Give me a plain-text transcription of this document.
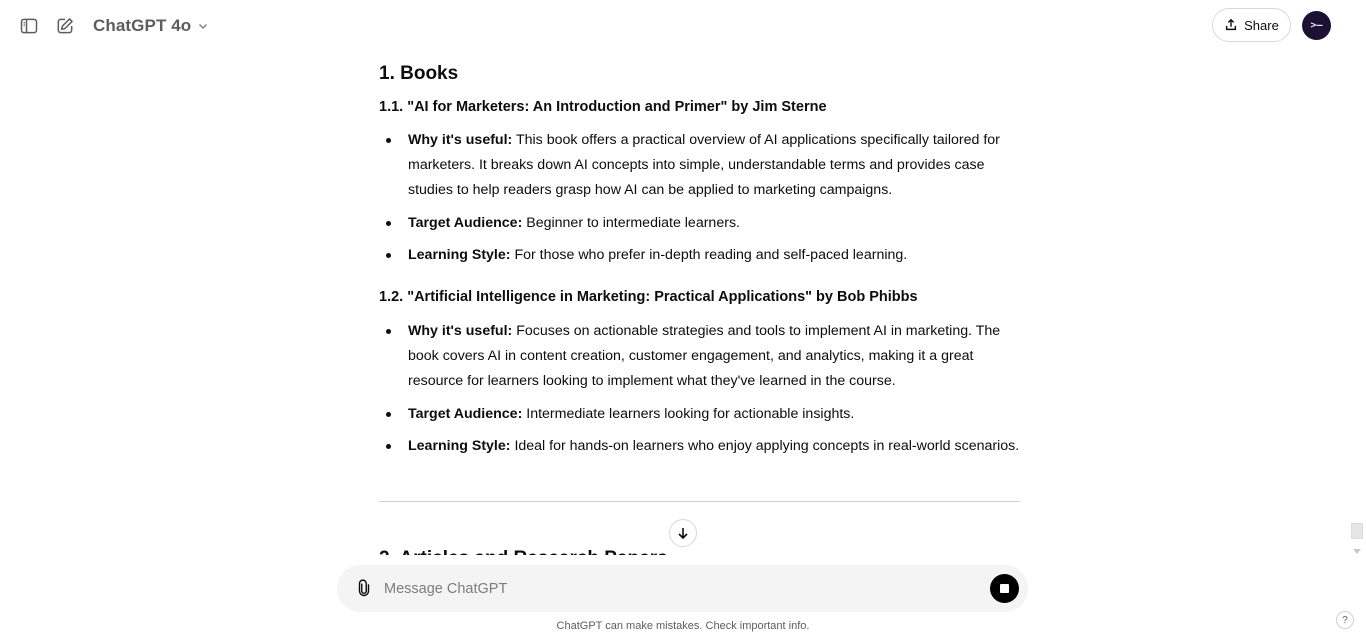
ChatGPT 4o	Share	>–
1. Books
1.1. "AI for Marketers: An Introduction and Primer" by Jim Sterne
Why it's useful: This book offers a practical overview of AI applications specifically tailored for marketers. It breaks down AI concepts into simple, understandable terms and provides case studies to help readers grasp how AI can be applied to marketing campaigns.
Target Audience: Beginner to intermediate learners.
Learning Style: For those who prefer in-depth reading and self-paced learning.
1.2. "Artificial Intelligence in Marketing: Practical Applications" by Bob Phibbs
Why it's useful: Focuses on actionable strategies and tools to implement AI in marketing. The book covers AI in content creation, customer engagement, and analytics, making it a great resource for learners looking to implement what they've learned in the course.
Target Audience: Intermediate learners looking for actionable insights.
Learning Style: Ideal for hands-on learners who enjoy applying concepts in real-world scenarios.
Message ChatGPT
ChatGPT can make mistakes. Check important info.	?
